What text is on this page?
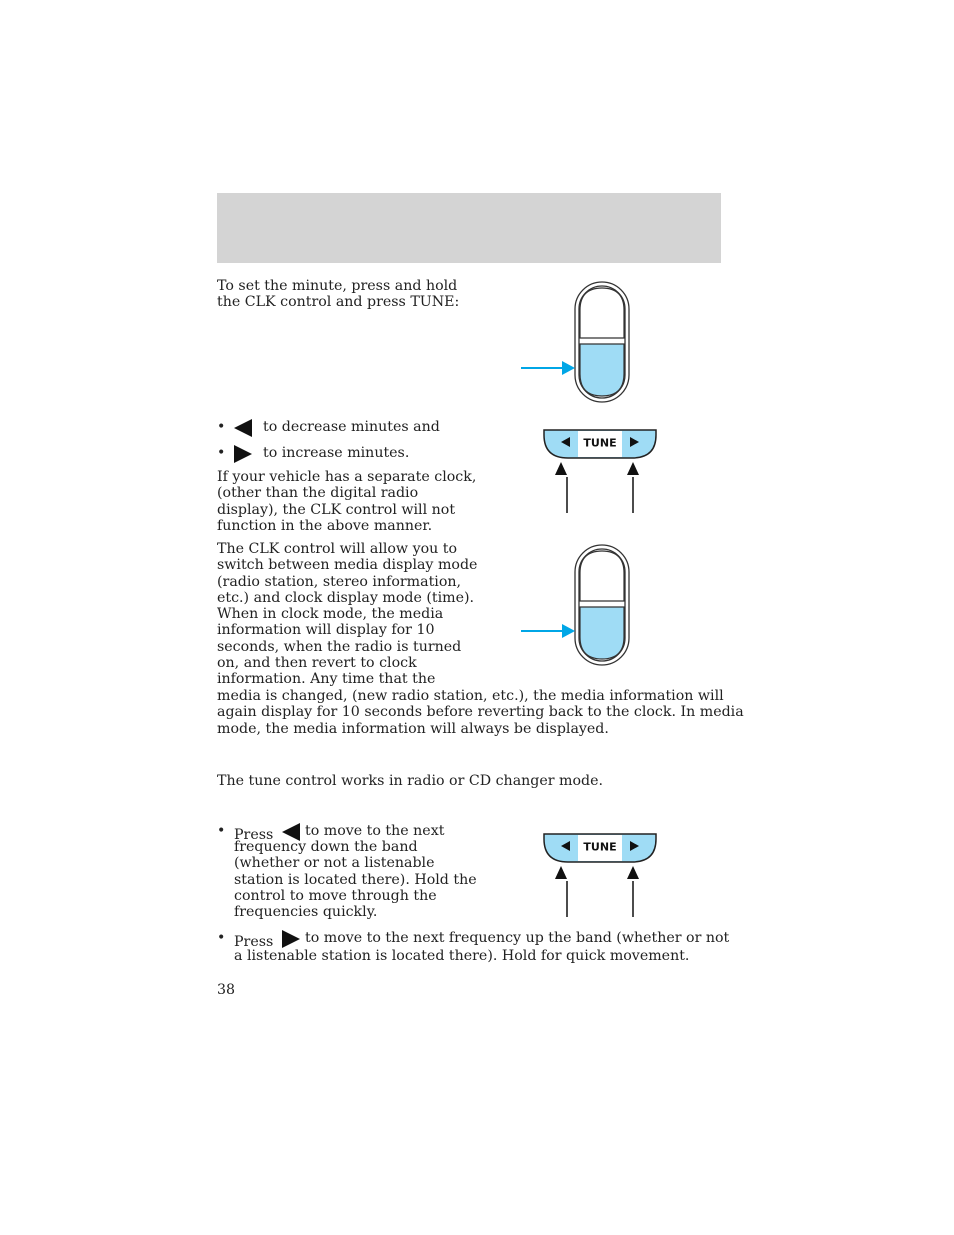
To set the minute, press and hold
the CLK control and press TUNE:

•	to decrease minutes and
•	to increase minutes.
TUNE

If your vehicle has a separate clock,
(other than the digital radio
display), the CLK control will not
function in the above manner.

The CLK control will allow you to
switch between media display mode
(radio station, stereo information,
etc.) and clock display mode (time).
When in clock mode, the media
information will display for 10
seconds, when the radio is turned
on, and then revert to clock
information. Any time that the

media is changed, (new radio station, etc.), the media information will
again display for 10 seconds before reverting back to the clock. In media
mode, the media information will always be displayed.

The tune control works in radio or CD changer mode.

• Press	to move to the next

frequency down the band
(whether or not a listenable
station is located there). Hold the
control to move through the
frequencies quickly.

TUNE
• Press	to move to the next frequency up the band (whether or not

a listenable station is located there). Hold for quick movement.

38
